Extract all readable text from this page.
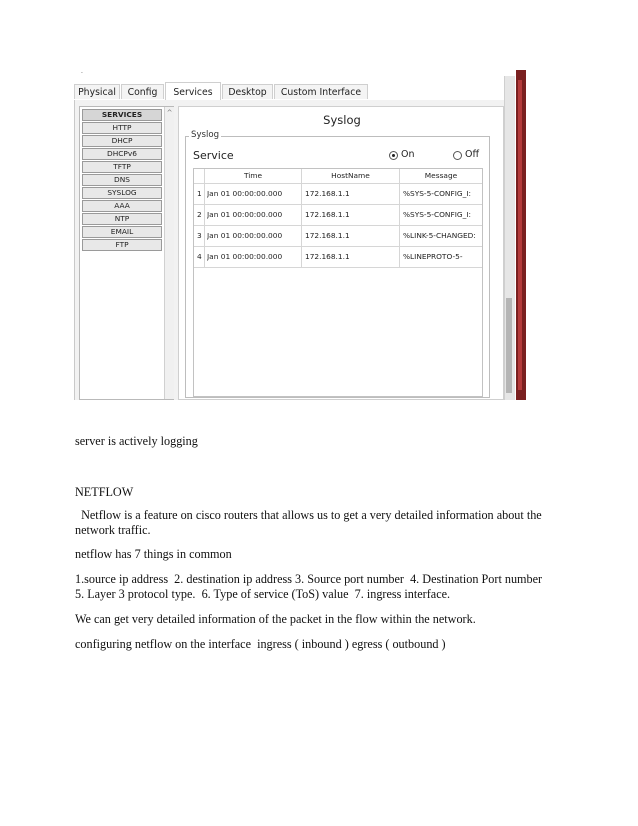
·
Physical	Config	Services	Desktop	Custom Interface
SERVICES
HTTP
DHCP
DHCPv6
TFTP
DNS
SYSLOG
AAA
NTP
EMAIL
FTP
^	Syslog
Syslog
Service	On	Off
Time	HostName	Message
1 Jan 01 00:00:00.000	172.168.1.1	%SYS-5-CONFIG_I:
2 Jan 01 00:00:00.000	172.168.1.1	%SYS-5-CONFIG_I:
3 Jan 01 00:00:00.000	172.168.1.1	%LINK-5-CHANGED:
4 Jan 01 00:00:00.000	172.168.1.1	%LINEPROTO-5-
server is actively logging
NETFLOW
Netflow is a feature on cisco routers that allows us to get a very detailed information about the
network traffic.
netflow has 7 things in common
1.source ip address  2. destination ip address 3. Source port number  4. Destination Port number
5. Layer 3 protocol type.  6. Type of service (ToS) value  7. ingress interface.
We can get very detailed information of the packet in the flow within the network.
configuring netflow on the interface  ingress ( inbound ) egress ( outbound )
